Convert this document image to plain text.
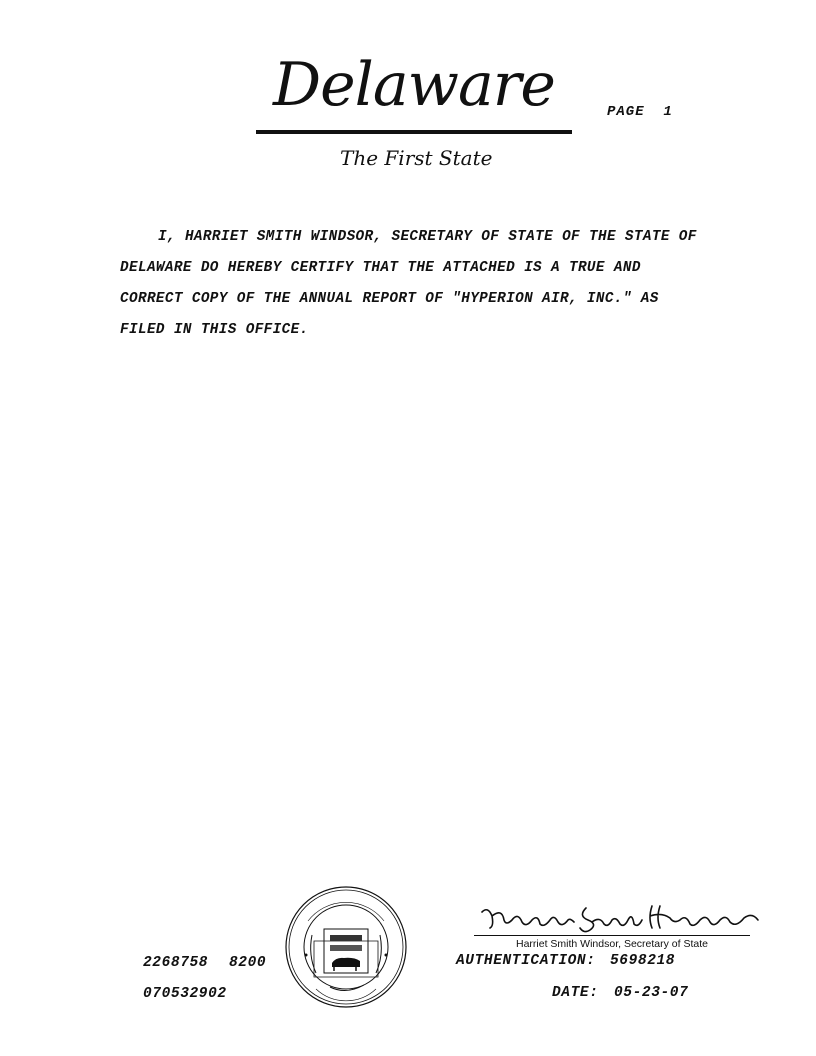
Delaware	PAGE 1
The First State
I, HARRIET SMITH WINDSOR, SECRETARY OF STATE OF THE STATE OF
DELAWARE DO HEREBY CERTIFY THAT THE ATTACHED IS A TRUE AND
CORRECT COPY OF THE ANNUAL REPORT OF "HYPERION AIR, INC." AS
FILED IN THIS OFFICE.
2268758 8200
070532902
Harriet Smith Windsor, Secretary of State
AUTHENTICATION: 5698218
DATE: 05-23-07
